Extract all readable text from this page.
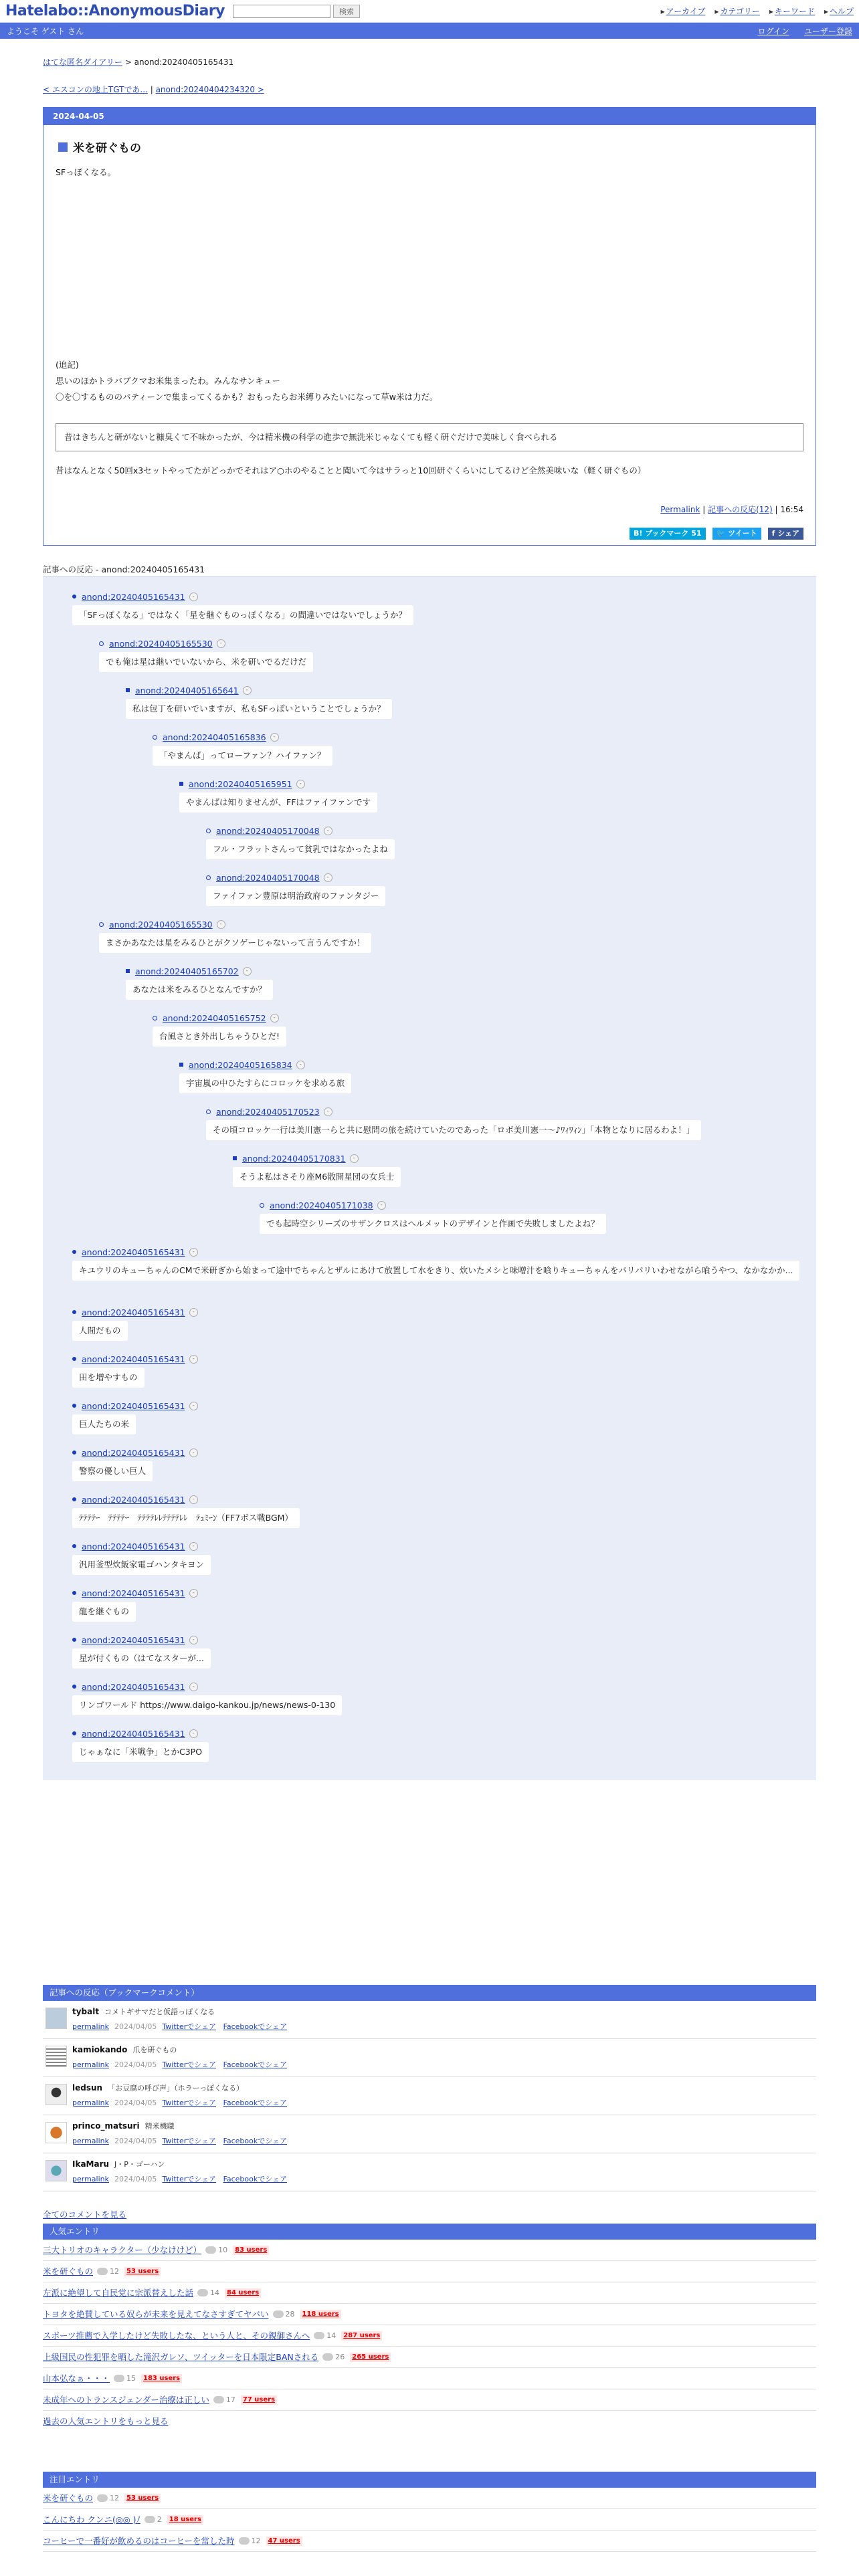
Hatelabo::AnonymousDiary	検索	▸ アーカイブ	▸ カテゴリー	▸ キーワード	▸ ヘルプ
ようこそ ゲスト さん	ログイン ユーザー登録
はてな匿名ダイアリー > anond:20240405165431
< エスコンの地上TGTであ... | anond:20240404234320 >
2024-04-05
米を研ぐもの
SFっぽくなる。
(追記)
思いのほかトラバブクマお米集まったわ。みんなサンキュー
〇を〇するもののバティーンで集まってくるかも？おもったらお米縛りみたいになって草w米は力だ。
昔はきちんと研がないと糠臭くて不味かったが、今は精米機の科学の進歩で無洗米じゃなくても軽く研ぐだけで美味しく食べられる
昔はなんとなく50回x3セットやってたがどっかでそれはア○ホのやることと聞いて今はサラっと10回研ぐくらいにしてるけど全然美味いな（軽く研ぐもの）
Permalink | 記事への反応(12) | 16:54
B! ブックマーク 51	🐦 ツイート	f シェア
記事への反応 - anond:20240405165431
anond:20240405165431	-
「SFっぽくなる」ではなく「星を継ぐものっぽくなる」の間違いではないでしょうか？
anond:20240405165530	-
でも俺は星は継いでいないから、米を研いでるだけだ
anond:20240405165641	-
私は包丁を研いでいますが、私もSFっぽいということでしょうか？
anond:20240405165836	-
「やまんば」ってローファン？ハイファン？
anond:20240405165951	-
やまんばは知りませんが、FFはファイファンです
anond:20240405170048	-
フル・フラットさんって貧乳ではなかったよね
anond:20240405170048	-
ファイファン豊原は明治政府のファンタジー
anond:20240405165530	-
まさかあなたは星をみるひとがクソゲーじゃないって言うんですか！
anond:20240405165702	-
あなたは米をみるひとなんですか？
anond:20240405165752	-
台風さとき外出しちゃうひとだ!
anond:20240405165834	-
宇宙嵐の中ひたすらにコロッケを求める旅
anond:20240405170523	-
その頃コロッケ一行は美川憲一らと共に慰問の旅を続けていたのであった「ロボ美川憲一〜♪ﾜｨﾜｨﾝ」「本物となりに居るわよ！」
anond:20240405170831	-
そうよ私はさそり座M6散開星団の女兵士
anond:20240405171038	-
でも起時空シリーズのサザンクロスはヘルメットのデザインと作画で失敗しましたよね？
anond:20240405165431	-
キユウリのキューちゃんのCMで米研ぎから始まって途中でちゃんとザルにあけて放置して水をきり、炊いたメシと味噌汁を喰りキューちゃんをパリパリいわせながら喰うやつ、なかなかか...
anond:20240405165431	-
人間だもの
anond:20240405165431	-
田を増やすもの
anond:20240405165431	-
巨人たちの米
anond:20240405165431	-
警察の優しい巨人
anond:20240405165431	-
ﾃﾃﾃﾃｰ　ﾃﾃﾃﾃｰ　ﾃﾃﾃﾃﾚﾚﾃﾃﾃﾃﾚﾚ　ﾃｭﾐｰﾝ（FF7ボス戦BGM）
anond:20240405165431	-
汎用釜型炊飯家電ゴハンタキヨン
anond:20240405165431	-
龍を継ぐもの
anond:20240405165431	-
星が付くもの（はてなスターが...
anond:20240405165431	-
リンゴワールド https://www.daigo-kankou.jp/news/news-0-130
anond:20240405165431	-
じゃぁなに「米戦争」とかC3PO
記事への反応（ブックマークコメント）
tybalt コメトギサマだと仮語っぽくなる
permalink 2024/04/05 Twitterでシェア Facebookでシェア
kamiokando 爪を研ぐもの
permalink 2024/04/05 Twitterでシェア Facebookでシェア
ledsun 「お豆腐の呼び声」（ホラーっぽくなる）
permalink 2024/04/05 Twitterでシェア Facebookでシェア
princo_matsuri 精米機職
permalink 2024/04/05 Twitterでシェア Facebookでシェア
IkaMaru J・P・ゴーハン
permalink 2024/04/05 Twitterでシェア Facebookでシェア
全てのコメントを見る
人気エントリ
三大トリオのキャラクター（少なけけど） 10	83 users
米を研ぐもの 12	53 users
左派に絶望して自民党に宗派替えした話 14	84 users
トヨタを絶賛している奴らが未来を見えてなさすぎてヤバい 28	118 users
スポーツ推薦で入学したけど失敗したな、という人と、その親御さんへ 14	287 users
上級国民の性犯罪を晒した滝沢ガレソ、ツイッターを日本限定BANされる 26	265 users
山本弘なぁ・・・ 15	183 users
未成年へのトランスジェンダー治療は正しい 17	77 users
過去の人気エントリをもっと見る
注目エントリ
米を研ぐもの 12	53 users
こんにちわ クンニ(◎◎ )ﾉ 2	18 users
コーヒーで一番好が飲めるのはコーヒーを常した時 12	47 users
